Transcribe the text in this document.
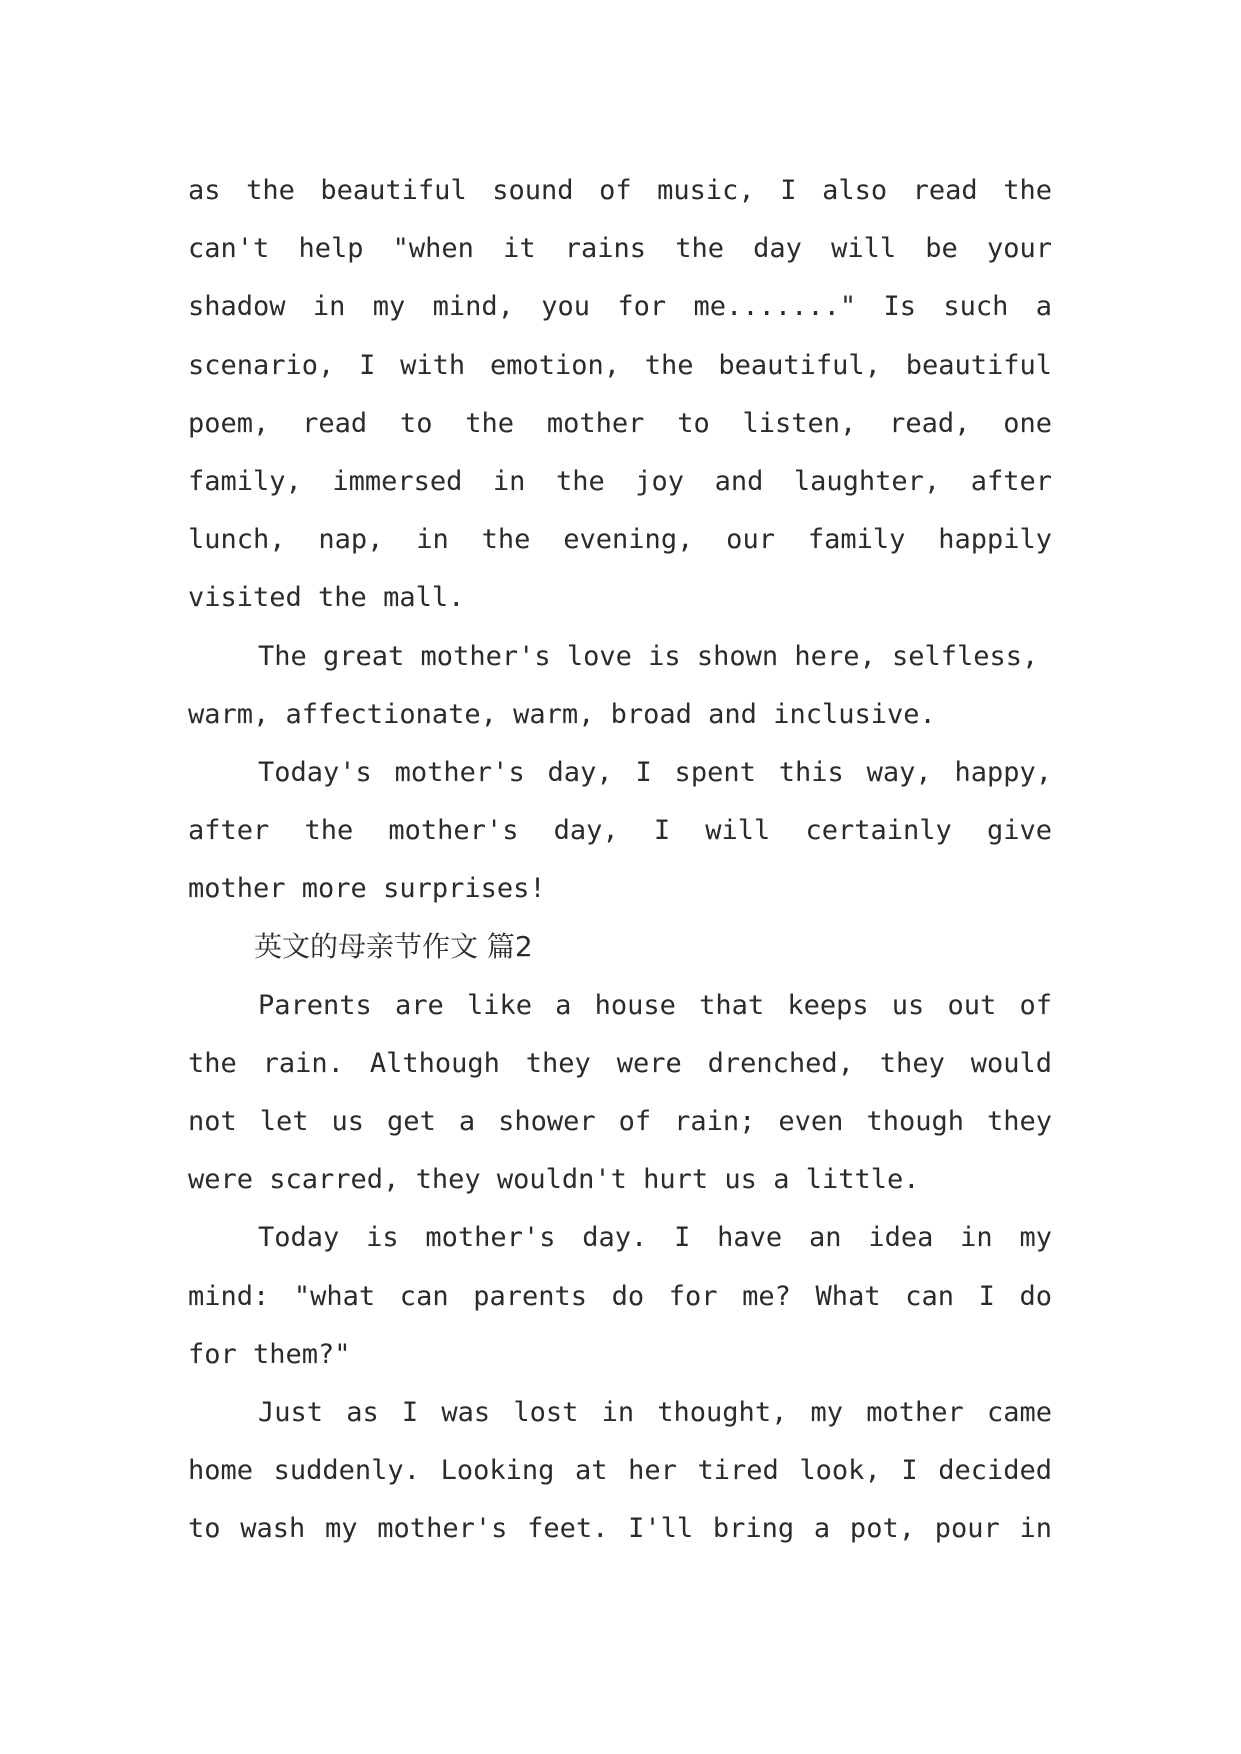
as the beautiful sound of music, I also read the
can't help "when it rains the day will be your
shadow in my mind, you for me......." Is such a
scenario, I with emotion, the beautiful, beautiful
poem, read to the mother to listen, read, one
family, immersed in the joy and laughter, after
lunch, nap, in the evening, our family happily
visited the mall.
The great mother's love is shown here, selfless,
warm, affectionate, warm, broad and inclusive.
Today's mother's day, I spent this way, happy,
after the mother's day, I will certainly give
mother more surprises!
英文的母亲节作文 篇2
Parents are like a house that keeps us out of
the rain. Although they were drenched, they would
not let us get a shower of rain; even though they
were scarred, they wouldn't hurt us a little.
Today is mother's day. I have an idea in my
mind: "what can parents do for me? What can I do
for them?"
Just as I was lost in thought, my mother came
home suddenly. Looking at her tired look, I decided
to wash my mother's feet. I'll bring a pot, pour in
